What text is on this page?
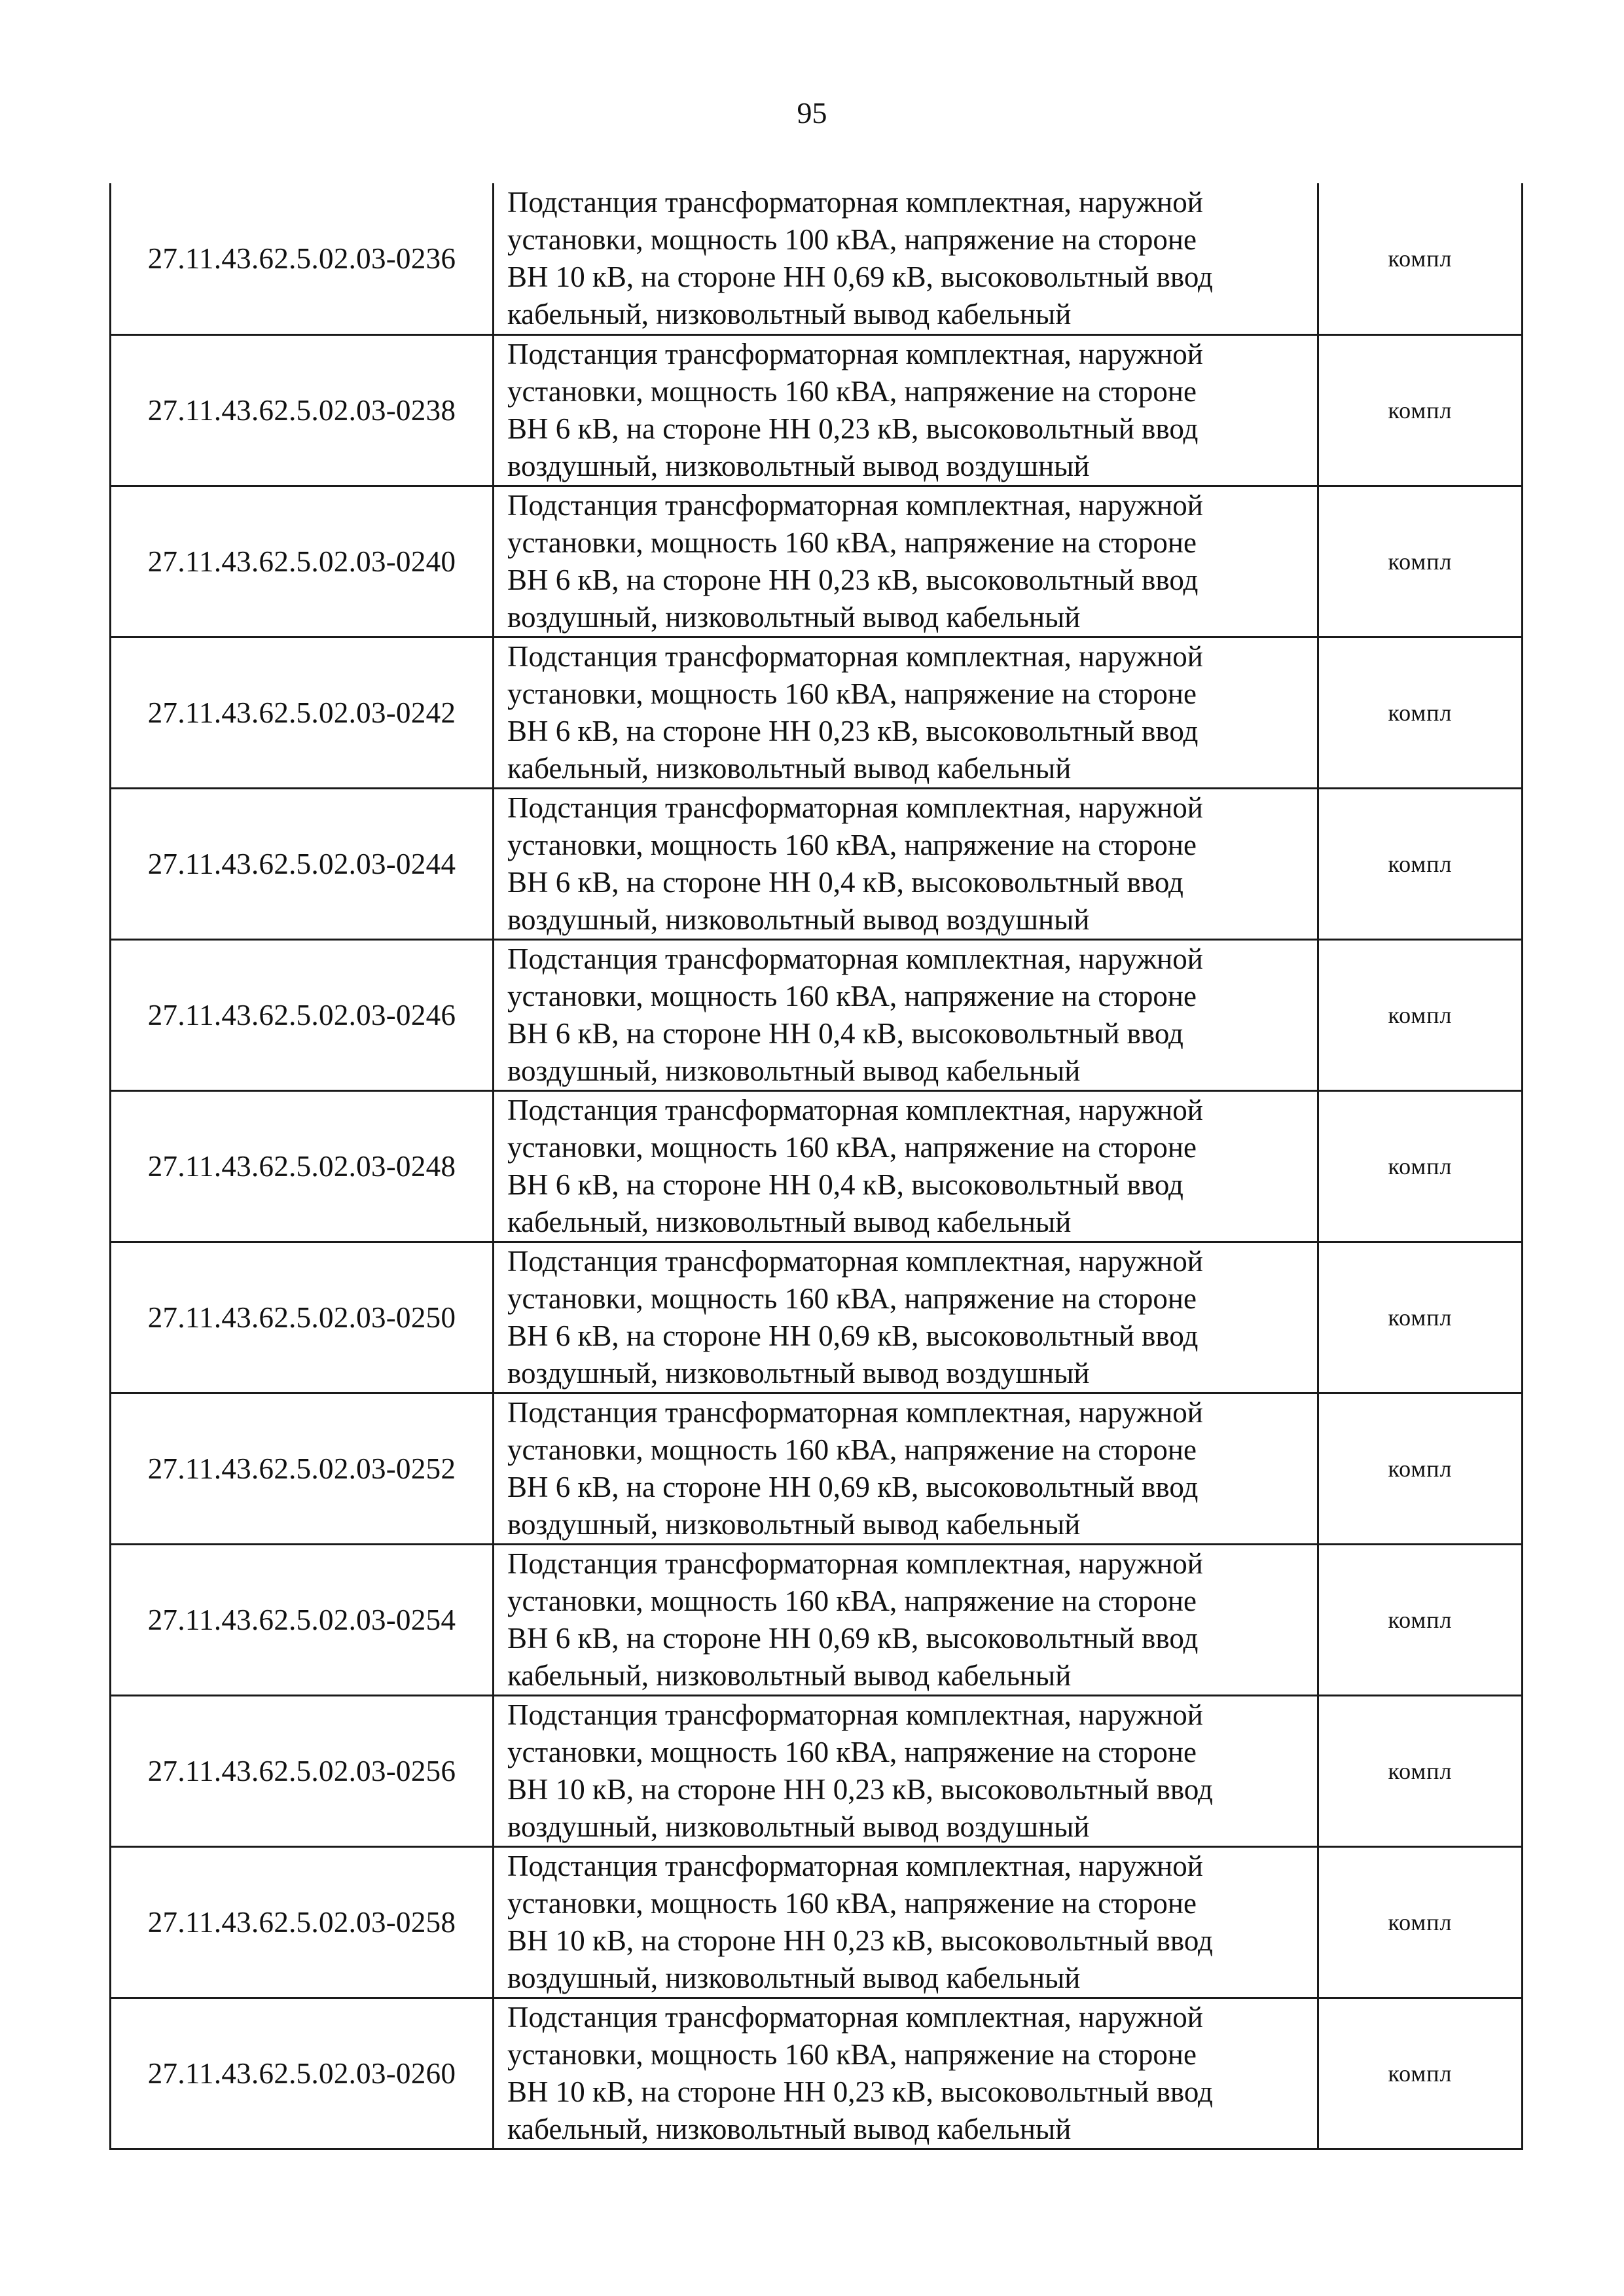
95
27.11.43.62.5.02.03-0236	Подстанция трансформаторная комплектная, наружной
установки, мощность 100 кВА, напряжение на стороне
ВН 10 кВ, на стороне НН 0,69 кВ, высоковольтный ввод
кабельный, низковольтный вывод кабельный	компл
27.11.43.62.5.02.03-0238	Подстанция трансформаторная комплектная, наружной
установки, мощность 160 кВА, напряжение на стороне
ВН 6 кВ, на стороне НН 0,23 кВ, высоковольтный ввод
воздушный, низковольтный вывод воздушный	компл
27.11.43.62.5.02.03-0240	Подстанция трансформаторная комплектная, наружной
установки, мощность 160 кВА, напряжение на стороне
ВН 6 кВ, на стороне НН 0,23 кВ, высоковольтный ввод
воздушный, низковольтный вывод кабельный	компл
27.11.43.62.5.02.03-0242	Подстанция трансформаторная комплектная, наружной
установки, мощность 160 кВА, напряжение на стороне
ВН 6 кВ, на стороне НН 0,23 кВ, высоковольтный ввод
кабельный, низковольтный вывод кабельный	компл
27.11.43.62.5.02.03-0244	Подстанция трансформаторная комплектная, наружной
установки, мощность 160 кВА, напряжение на стороне
ВН 6 кВ, на стороне НН 0,4 кВ, высоковольтный ввод
воздушный, низковольтный вывод воздушный	компл
27.11.43.62.5.02.03-0246	Подстанция трансформаторная комплектная, наружной
установки, мощность 160 кВА, напряжение на стороне
ВН 6 кВ, на стороне НН 0,4 кВ, высоковольтный ввод
воздушный, низковольтный вывод кабельный	компл
27.11.43.62.5.02.03-0248	Подстанция трансформаторная комплектная, наружной
установки, мощность 160 кВА, напряжение на стороне
ВН 6 кВ, на стороне НН 0,4 кВ, высоковольтный ввод
кабельный, низковольтный вывод кабельный	компл
27.11.43.62.5.02.03-0250	Подстанция трансформаторная комплектная, наружной
установки, мощность 160 кВА, напряжение на стороне
ВН 6 кВ, на стороне НН 0,69 кВ, высоковольтный ввод
воздушный, низковольтный вывод воздушный	компл
27.11.43.62.5.02.03-0252	Подстанция трансформаторная комплектная, наружной
установки, мощность 160 кВА, напряжение на стороне
ВН 6 кВ, на стороне НН 0,69 кВ, высоковольтный ввод
воздушный, низковольтный вывод кабельный	компл
27.11.43.62.5.02.03-0254	Подстанция трансформаторная комплектная, наружной
установки, мощность 160 кВА, напряжение на стороне
ВН 6 кВ, на стороне НН 0,69 кВ, высоковольтный ввод
кабельный, низковольтный вывод кабельный	компл
27.11.43.62.5.02.03-0256	Подстанция трансформаторная комплектная, наружной
установки, мощность 160 кВА, напряжение на стороне
ВН 10 кВ, на стороне НН 0,23 кВ, высоковольтный ввод
воздушный, низковольтный вывод воздушный	компл
27.11.43.62.5.02.03-0258	Подстанция трансформаторная комплектная, наружной
установки, мощность 160 кВА, напряжение на стороне
ВН 10 кВ, на стороне НН 0,23 кВ, высоковольтный ввод
воздушный, низковольтный вывод кабельный	компл
27.11.43.62.5.02.03-0260	Подстанция трансформаторная комплектная, наружной
установки, мощность 160 кВА, напряжение на стороне
ВН 10 кВ, на стороне НН 0,23 кВ, высоковольтный ввод
кабельный, низковольтный вывод кабельный	компл
